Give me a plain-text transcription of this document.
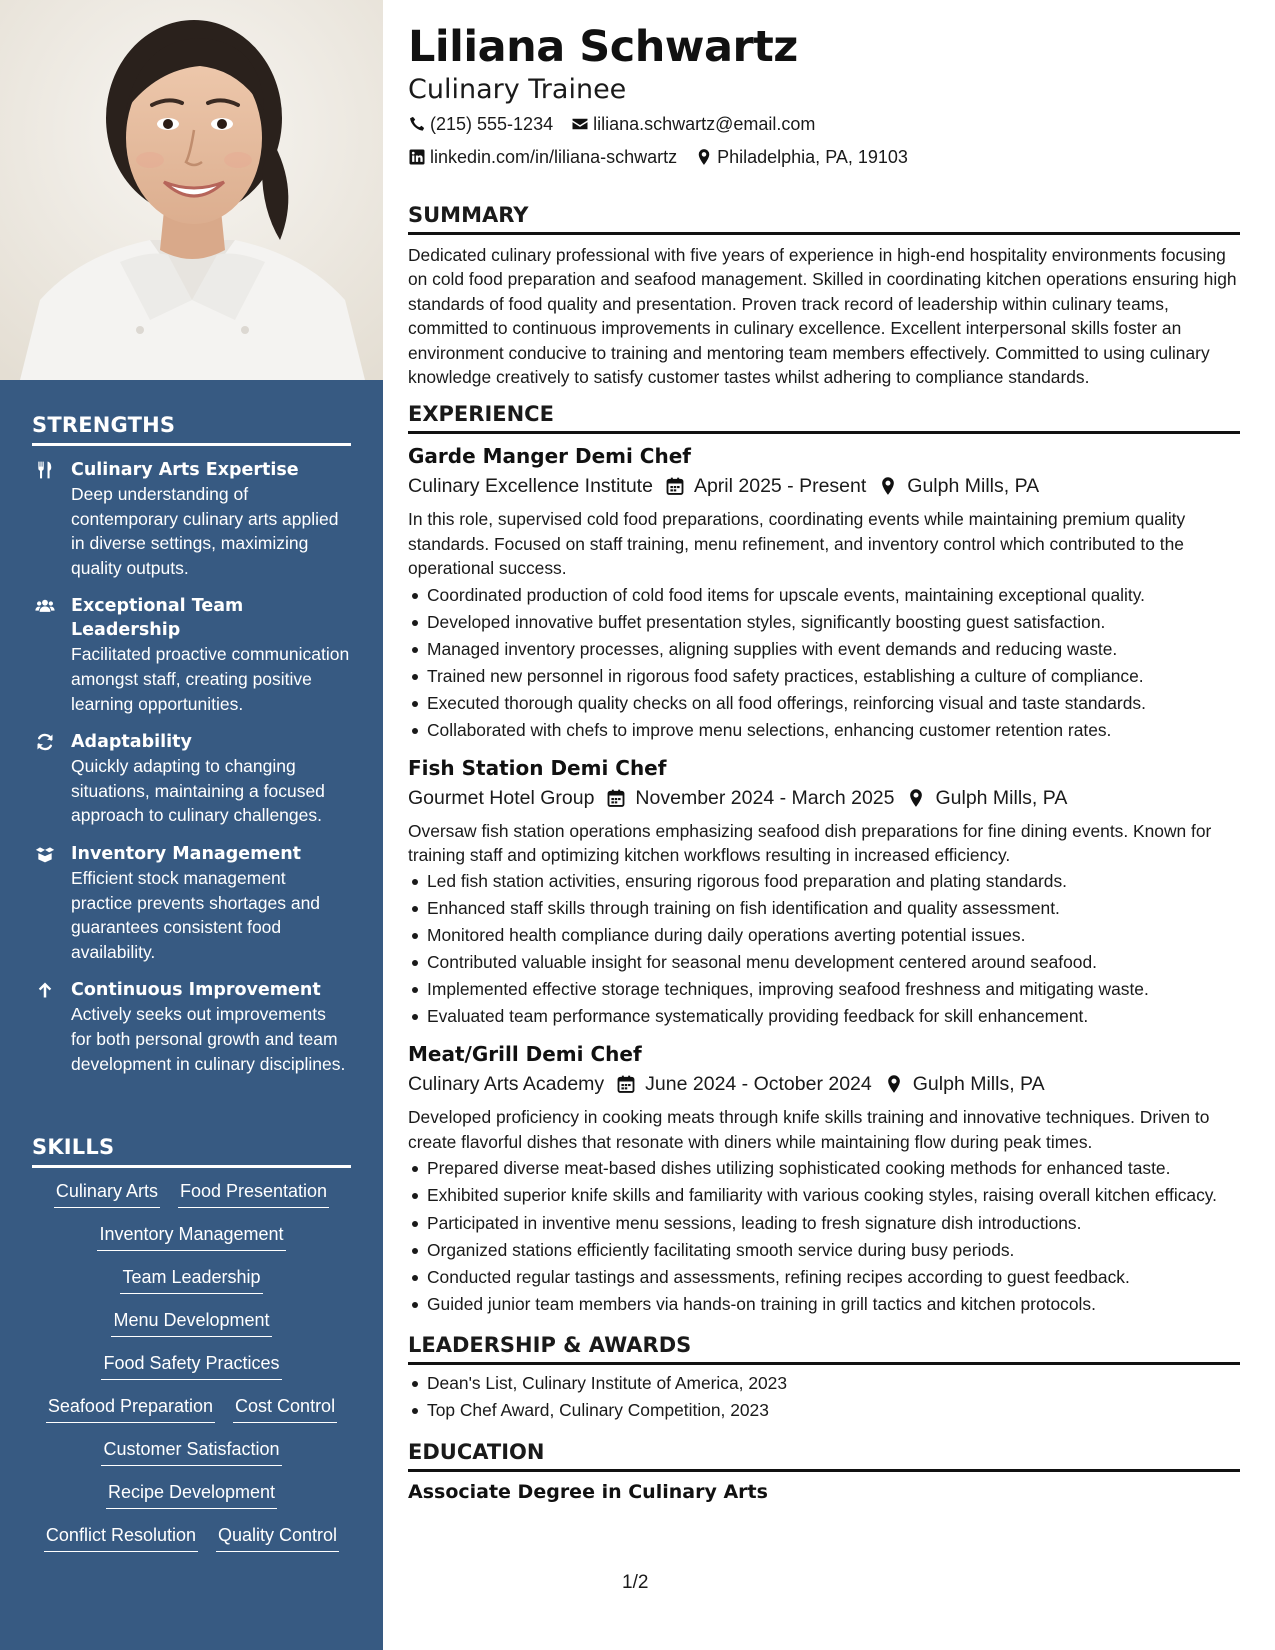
STRENGTHS
Culinary Arts Expertise
Deep understanding of contemporary culinary arts applied in diverse settings, maximizing quality outputs.
Exceptional Team Leadership
Facilitated proactive communication amongst staff, creating positive learning opportunities.
Adaptability
Quickly adapting to changing situations, maintaining a focused approach to culinary challenges.
Inventory Management
Efficient stock management practice prevents shortages and guarantees consistent food availability.
Continuous Improvement
Actively seeks out improvements for both personal growth and team development in culinary disciplines.
SKILLS
Culinary Arts Food Presentation
Inventory Management
Team Leadership
Menu Development
Food Safety Practices
Seafood Preparation Cost Control
Customer Satisfaction
Recipe Development
Conflict Resolution Quality Control
Liliana Schwartz
Culinary Trainee
(215) 555-1234 liliana.schwartz@email.com
linkedin.com/in/liliana-schwartz Philadelphia, PA, 19103
SUMMARY

Dedicated culinary professional with five years of experience in high-end hospitality environments focusing on cold food preparation and seafood management. Skilled in coordinating kitchen operations ensuring high standards of food quality and presentation. Proven track record of leadership within culinary teams, committed to continuous improvements in culinary excellence. Excellent interpersonal skills foster an environment conducive to training and mentoring team members effectively. Committed to using culinary knowledge creatively to satisfy customer tastes whilst adhering to compliance standards.

EXPERIENCE
Garde Manger Demi Chef
Culinary Excellence Institute April 2025 - Present Gulph Mills, PA

In this role, supervised cold food preparations, coordinating events while maintaining premium quality standards. Focused on staff training, menu refinement, and inventory control which contributed to the operational success.

Coordinated production of cold food items for upscale events, maintaining exceptional quality.
Developed innovative buffet presentation styles, significantly boosting guest satisfaction.
Managed inventory processes, aligning supplies with event demands and reducing waste.
Trained new personnel in rigorous food safety practices, establishing a culture of compliance.
Executed thorough quality checks on all food offerings, reinforcing visual and taste standards.
Collaborated with chefs to improve menu selections, enhancing customer retention rates.
Fish Station Demi Chef
Gourmet Hotel Group November 2024 - March 2025 Gulph Mills, PA

Oversaw fish station operations emphasizing seafood dish preparations for fine dining events. Known for training staff and optimizing kitchen workflows resulting in increased efficiency.

Led fish station activities, ensuring rigorous food preparation and plating standards.
Enhanced staff skills through training on fish identification and quality assessment.
Monitored health compliance during daily operations averting potential issues.
Contributed valuable insight for seasonal menu development centered around seafood.
Implemented effective storage techniques, improving seafood freshness and mitigating waste.
Evaluated team performance systematically providing feedback for skill enhancement.
Meat/Grill Demi Chef
Culinary Arts Academy June 2024 - October 2024 Gulph Mills, PA

Developed proficiency in cooking meats through knife skills training and innovative techniques. Driven to create flavorful dishes that resonate with diners while maintaining flow during peak times.

Prepared diverse meat-based dishes utilizing sophisticated cooking methods for enhanced taste.
Exhibited superior knife skills and familiarity with various cooking styles, raising overall kitchen efficacy.
Participated in inventive menu sessions, leading to fresh signature dish introductions.
Organized stations efficiently facilitating smooth service during busy periods.
Conducted regular tastings and assessments, refining recipes according to guest feedback.
Guided junior team members via hands-on training in grill tactics and kitchen protocols.
LEADERSHIP & AWARDS
Dean's List, Culinary Institute of America, 2023
Top Chef Award, Culinary Competition, 2023
EDUCATION
Associate Degree in Culinary Arts
1/2
